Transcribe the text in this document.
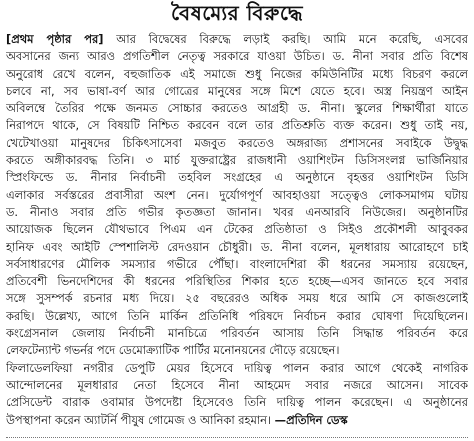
বৈষম্যের বিরুদ্ধে
[প্রথম পৃষ্ঠার পর] আর বিদ্বেষের বিরুদ্ধে লড়াই করছি। আমি মনে করেছি, এসবের
অবসানের জন্য আরও প্রগতিশীল নেতৃত্ব সরকারে যাওয়া উচিত। ড. নীনা সবার প্রতি বিশেষ
অনুরোধ রেখে বলেন, বহুজাতিক এই সমাজে শুধু নিজের কমিউনিটির মধ্যে বিচরণ করলে
চলবে না, সব ভাষা-বর্ণ আর গোত্রের মানুষের সঙ্গে মিশে যেতে হবে। অস্ত্র নিয়ন্ত্রণ আইন
অবিলম্বে তৈরির পক্ষে জনমত সোচ্চার করতেও আগ্রহী ড. নীনা। স্কুলের শিক্ষার্থীরা যাতে
নিরাপদে থাকে, সে বিষয়টি নিশ্চিত করবেন বলে তার প্রতিশ্রুতি ব্যক্ত করেন। শুধু তাই নয়,
খেটেখাওয়া মানুষদের চিকিৎসাসেবা মজবুত করতেও অঙ্গরাজ্য প্রশাসনের সবাইকে উদ্বুদ্ধ
করতে অঙ্গীকারবদ্ধ তিনি। ৩ মার্চ যুক্তরাষ্ট্রের রাজধানী ওয়াশিংটন ডিসিসংলগ্ন ভার্জিনিয়ার
স্প্রিংফিল্ডে ড. নীনার নির্বাচনী তহবিল সংগ্রহের এ অনুষ্ঠানে বৃহত্তর ওয়াশিংটন ডিসি
এলাকার সর্বস্তরের প্রবাসীরা অংশ নেন। দুর্যোগপূর্ণ আবহাওয়া সত্ত্বেও লোকসমাগম ঘটায়
ড. নীনাও সবার প্রতি গভীর কৃতজ্ঞতা জানান। খবর এনআরবি নিউজের। অনুষ্ঠানটির
আয়োজক ছিলেন যৌথভাবে পিএম এন টেকের প্রতিষ্ঠাতা ও সিইও প্রকৌশলী আবুবকর
হানিফ এবং আইটি স্পেশালিস্ট রেদওয়ান চৌধুরী। ড. নীনা বলেন, মূলধারায় আরোহণে চাই
সর্বসাধারণের মৌলিক সমস্যার গভীরে পৌঁছা। বাংলাদেশিরা কী ধরনের সমস্যায় রয়েছেন,
প্রতিবেশী ভিনদেশিদের কী ধরনের পরিস্থিতির শিকার হতে হচ্ছে—এসব জানতে হবে সবার
সঙ্গে সুসম্পর্ক রচনার মধ্য দিয়ে। ২৫ বছরেরও অধিক সময় ধরে আমি সে কাজগুলোই
করছি। উল্লেখ্য, আগে তিনি মার্কিন প্রতিনিধি পরিষদে নির্বাচন করার ঘোষণা দিয়েছিলেন।
কংগ্রেসনাল জেলায় নির্বাচনী মানচিত্রে পরিবর্তন আসায় তিনি সিদ্ধান্ত পরিবর্তন করে
লেফটেন্যান্ট গভর্নর পদে ডেমোক্র্যাটিক পার্টির মনোনয়নের দৌড়ে রয়েছেন।
ফিলাডেলফিয়া নগরীর ডেপুটি মেয়র হিসেবে দায়িত্ব পালন করার আগে থেকেই নাগরিক
আন্দোলনের মূলধারার নেতা হিসেবে নীনা আহমেদ সবার নজরে আসেন। সাবেক
প্রেসিডেন্ট বারাক ওবামার উপদেষ্টা হিসেবেও তিনি দায়িত্ব পালন করেছেন। এ অনুষ্ঠানের
উপস্থাপনা করেন অ্যাটর্নি পীযুষ গোমেজ ও আনিকা রহমান। —প্রতিদিন ডেস্ক
